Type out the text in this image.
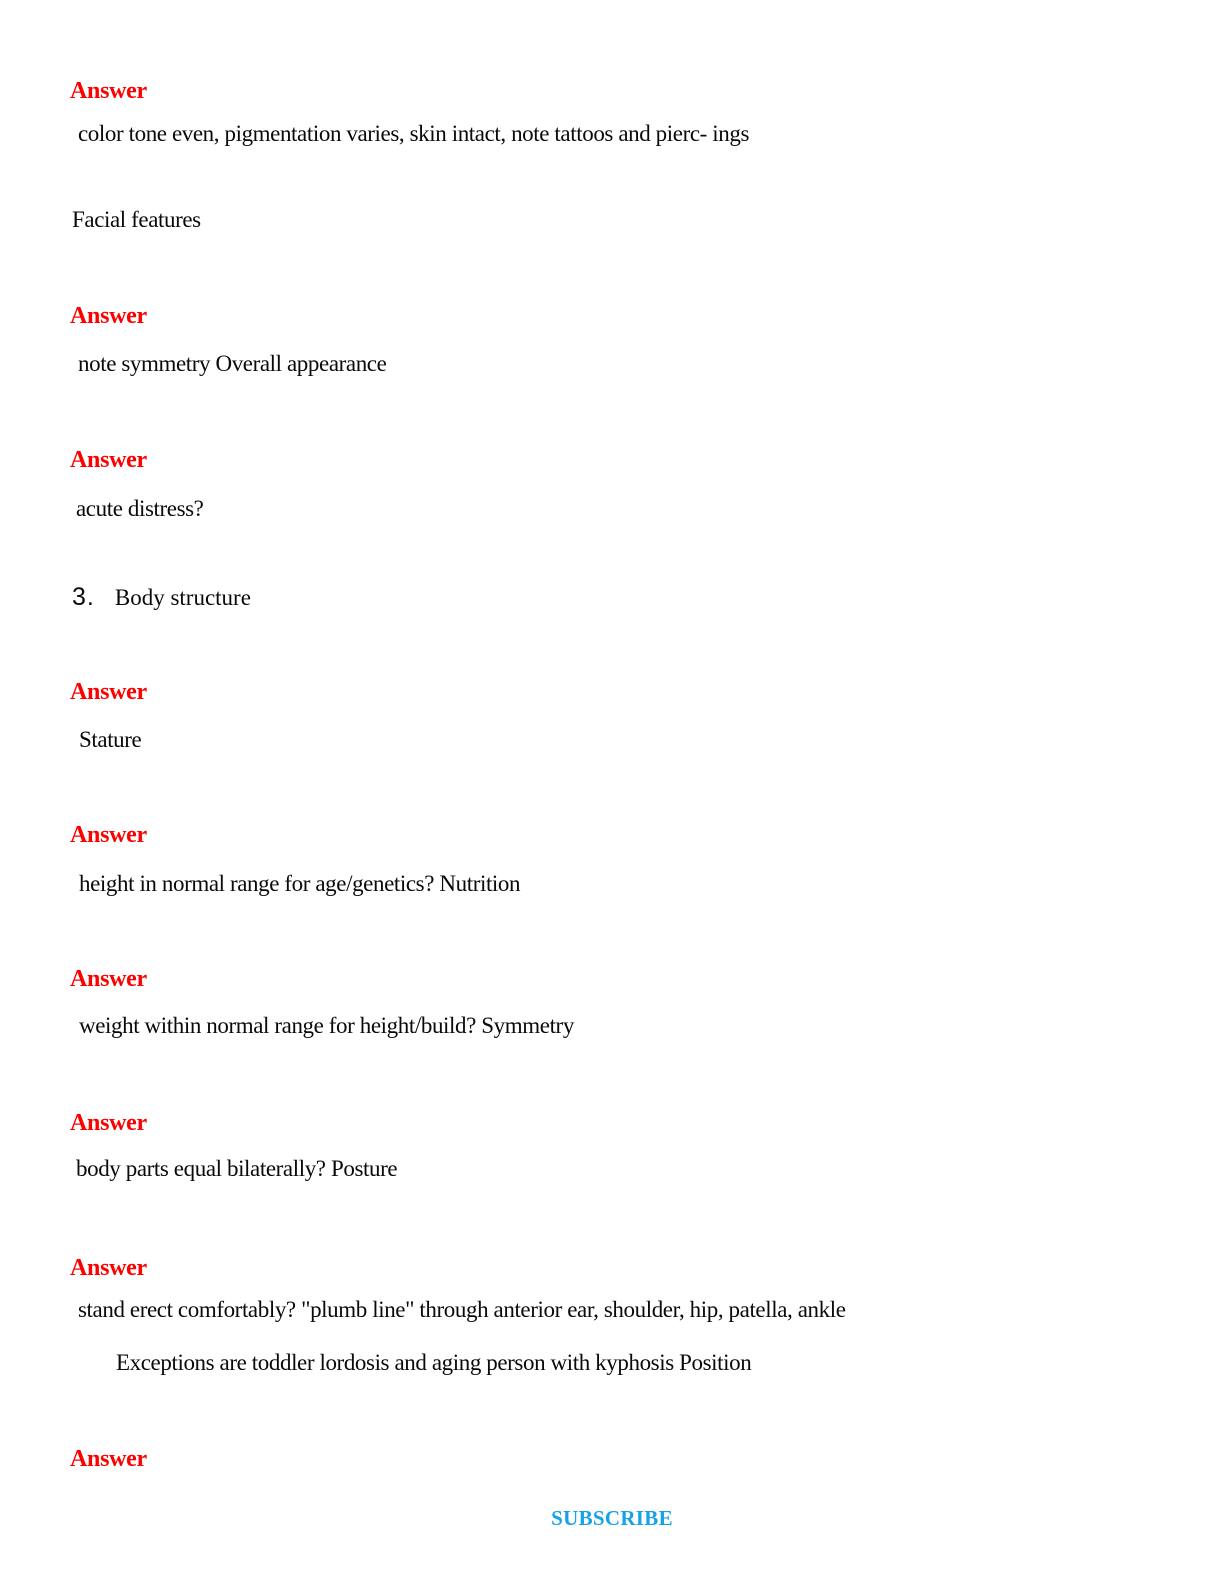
Answer
color tone even, pigmentation varies, skin intact, note tattoos and pierc- ings
Facial features
Answer
note symmetry Overall appearance
Answer
acute distress?
3. Body structure
Answer
Stature
Answer
height in normal range for age/genetics? Nutrition
Answer
weight within normal range for height/build? Symmetry
Answer
body parts equal bilaterally? Posture
Answer
stand erect comfortably? "plumb line" through anterior ear, shoulder, hip, patella, ankle
Exceptions are toddler lordosis and aging person with kyphosis Position
Answer
SUBSCRIBE
